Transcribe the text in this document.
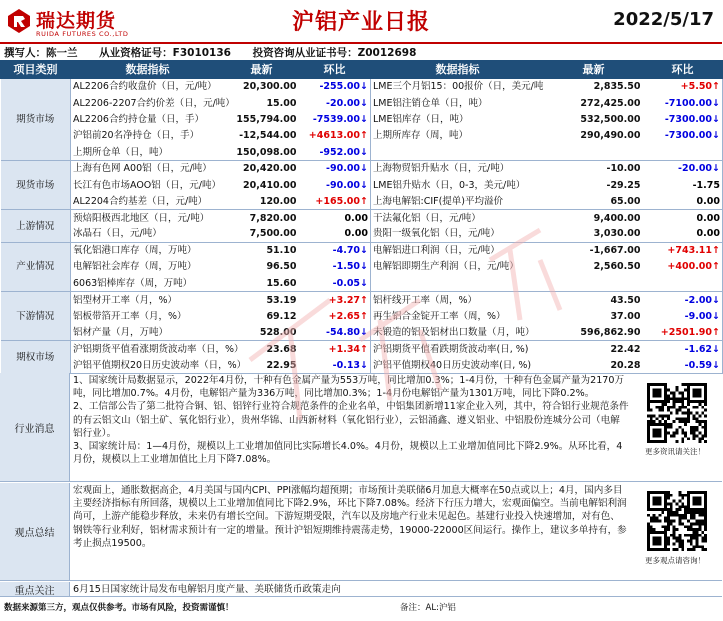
瑞达期货
RUIDA FUTURES CO.,LTD	沪铝产业日报	2022/5/17
撰写人：陈一兰 从业资格证号：F3010136 投资咨询从业证书号：Z0012698
项目类别	数据指标	最新	环比	数据指标	最新	环比
期货市场	AL2206合约收盘价（日，元/吨）	20,300.00	-255.00↓	LME三个月铝15：00报价（日，美元/吨	2,835.50	+5.50↑
	AL2206-2207合约价差（日，元/吨）	15.00	-20.00↓	LME铝注销仓单（日，吨）	272,425.00	-7100.00↓
	AL2206合约持仓量（日，手）	155,794.00	-7539.00↓	LME铝库存（日，吨）	532,500.00	-7300.00↓
	沪铝前20名净持仓（日，手）	-12,544.00	+4613.00↑	上期所库存（周，吨）	290,490.00	-7300.00↓
	上期所仓单（日，吨）	150,098.00	-952.00↓			
现货市场	上海有色网 A00铝（日，元/吨）	20,420.00	-90.00↓	上海物贸铝升贴水（日，元/吨）	-10.00	-20.00↓
	长江有色市场AOO铝（日，元/吨）	20,410.00	-90.00↓	LME铝升贴水（日，0-3，美元/吨）	-29.25	-1.75
	AL2204合约基差（日，元/吨）	120.00	+165.00↑	上海电解铝:CIF(提单)平均溢价	65.00	0.00
上游情况	预焙阳极西北地区（日，元/吨）	7,820.00	0.00	干法氟化铝（日，元/吨）	9,400.00	0.00
	冰晶石（日，元/吨）	7,500.00	0.00	贵阳一级氧化铝（日，元/吨）	3,030.00	0.00
产业情况	氧化铝港口库存（周，万吨）	51.10	-4.70↓	电解铝进口利润（日，元/吨）	-1,667.00	+743.11↑
	电解铝社会库存（周，万吨）	96.50	-1.50↓	电解铝即期生产利润（日，元/吨）	2,560.50	+400.00↑
	6063铝棒库存（周，万吨）	15.60	-0.05↓			
下游情况	铝型材开工率（月，%）	53.19	+3.27↑	铝杆线开工率（周，%）	43.50	-2.00↓
	铝板带箔开工率（月，%）	69.12	+2.65↑	再生铝合金锭开工率（周，%）	37.00	-9.00↓
	铝材产量（月，万吨）	528.00	-54.80↓	未锻造的铝及铝材出口数量（月，吨）	596,862.90	+2501.90↑
期权市场	沪铝期货平值看涨期货波动率（日，%）	23.68	+1.34↑	沪铝期货平值看跌期货波动率(日, %)	22.42	-1.62↓
	沪铝平值期权20日历史波动率（日，%）	22.95	-0.13↓	沪铝平值期权40日历史波动率(日, %)	20.28	-0.59↓
行业消息

1、国家统计局数据显示，2022年4月份，十种有色金属产量为553万吨，同比增加0.3%；1-4月份，十种有色金属产量为2170万吨，同比增加0.7%。4月份，电解铝产量为336万吨，同比增加0.3%；1-4月份电解铝产量为1301万吨，同比下降0.2%。

2、工信部公告了第二批符合铜、铝、铝锌行业符合规范条件的企业名单，中铝集团新增11家企业入列，其中，符合铝行业规范条件的有云铝文山（铝土矿、氧化铝行业），贵州华锦、山西新材料（氧化铝行业），云铝涌鑫、遵义铝业、中铝股份连城分公司（电解铝行业）。

3、国家统计局：1—4月份，规模以上工业增加值同比实际增长4.0%。4月份，规模以上工业增加值同比下降2.9%。从环比看，4月份，规模以上工业增加值比上月下降7.08%。

更多资讯请关注！
观点总结

宏观面上，通胀数据高企，4月美国与国内CPI、PPI涨幅均超预期；市场预计美联储6月加息大概率在50点或以上；4月，国内多目主要经济指标有所回落，规模以上工业增加值同比下降2.9%，环比下降7.08%。经济下行压力增大，宏观面偏空。当前电解铝利润尚可，上游产能稳步释放，未来仍有增长空间。下游短期受限，汽车以及房地产行业未见起色。基建行业投入快速增加，对有色、钢铁等行业利好，铝材需求预计有一定的增量。预计沪铝短期维持震荡走势，19000-22000区间运行。操作上，建议多单持有，参考止损点19500。

更多观点请咨询！
重点关注	6月15日国家统计局发布电解铝月度产量、美联储货币政策走向
数据来源第三方，观点仅供参考。市场有风险，投资需谨慎！	备注：AL:沪铝
